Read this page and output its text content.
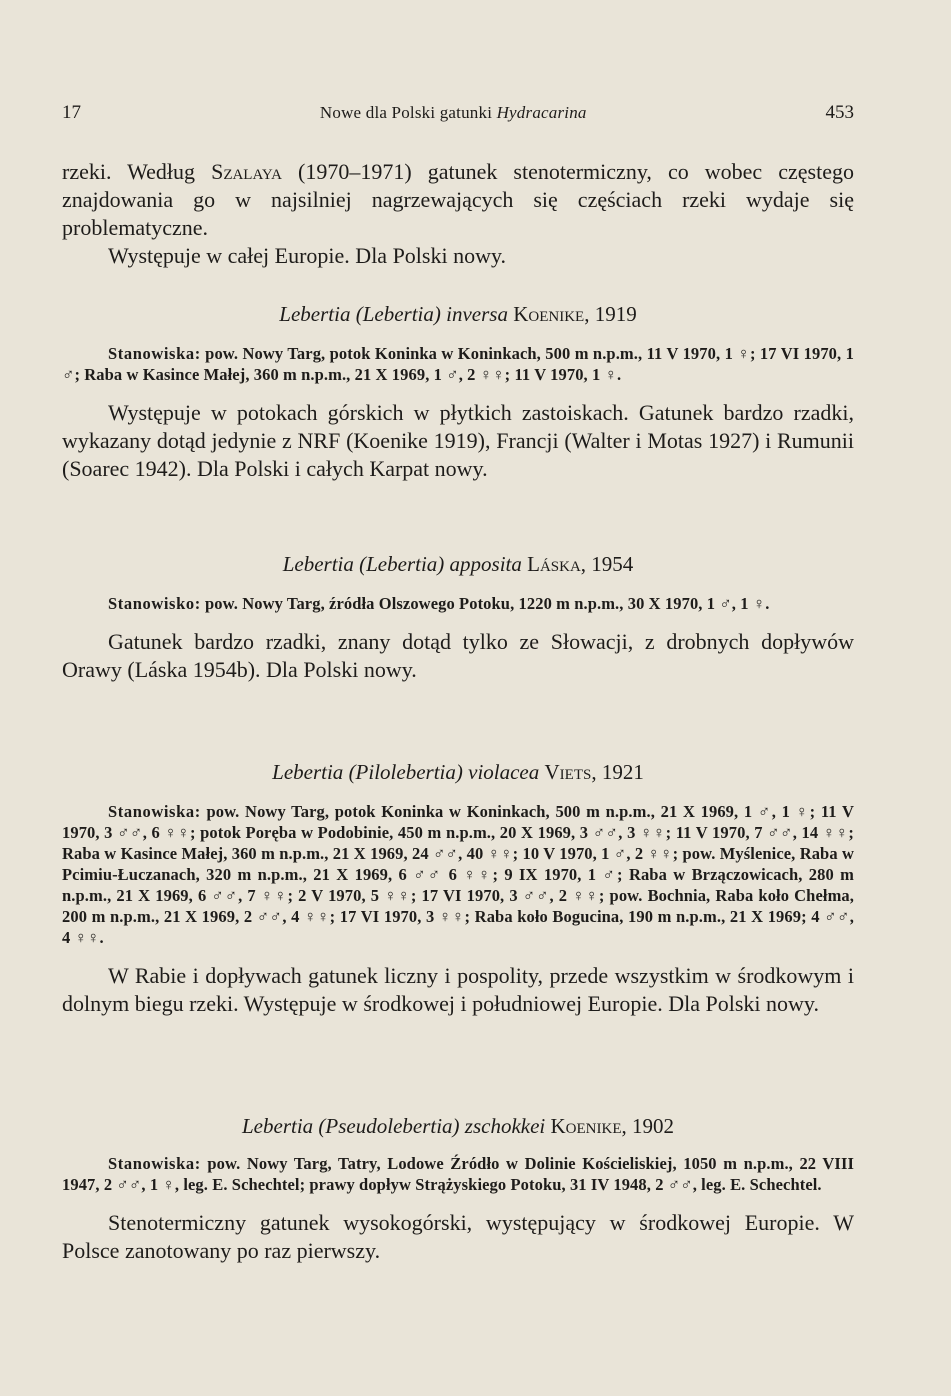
17	Nowe dla Polski gatunki Hydracarina	453

rzeki. Według Szalaya (1970–1971) gatunek stenotermiczny, co wobec częstego znajdowania go w najsilniej nagrzewających się częściach rzeki wydaje się problematyczne.

Występuje w całej Europie. Dla Polski nowy.

Lebertia (Lebertia) inversa Koenike, 1919

Stanowiska: pow. Nowy Targ, potok Koninka w Koninkach, 500 m n.p.m., 11 V 1970, 1 ♀; 17 VI 1970, 1 ♂; Raba w Kasince Małej, 360 m n.p.m., 21 X 1969, 1 ♂, 2 ♀♀; 11 V 1970, 1 ♀.

Występuje w potokach górskich w płytkich zastoiskach. Gatunek bardzo rzadki, wykazany dotąd jedynie z NRF (Koenike 1919), Francji (Walter i Motas 1927) i Rumunii (Soarec 1942). Dla Polski i całych Karpat nowy.

Lebertia (Lebertia) apposita Láska, 1954

Stanowisko: pow. Nowy Targ, źródła Olszowego Potoku, 1220 m n.p.m., 30 X 1970, 1 ♂, 1 ♀.

Gatunek bardzo rzadki, znany dotąd tylko ze Słowacji, z drobnych dopływów Orawy (Láska 1954b). Dla Polski nowy.

Lebertia (Pilolebertia) violacea Viets, 1921

Stanowiska: pow. Nowy Targ, potok Koninka w Koninkach, 500 m n.p.m., 21 X 1969, 1 ♂, 1 ♀; 11 V 1970, 3 ♂♂, 6 ♀♀; potok Poręba w Podobinie, 450 m n.p.m., 20 X 1969, 3 ♂♂, 3 ♀♀; 11 V 1970, 7 ♂♂, 14 ♀♀; Raba w Kasince Małej, 360 m n.p.m., 21 X 1969, 24 ♂♂, 40 ♀♀; 10 V 1970, 1 ♂, 2 ♀♀; pow. Myślenice, Raba w Pcimiu-Łuczanach, 320 m n.p.m., 21 X 1969, 6 ♂♂ 6 ♀♀; 9 IX 1970, 1 ♂; Raba w Brzączowicach, 280 m n.p.m., 21 X 1969, 6 ♂♂, 7 ♀♀; 2 V 1970, 5 ♀♀; 17 VI 1970, 3 ♂♂, 2 ♀♀; pow. Bochnia, Raba koło Chełma, 200 m n.p.m., 21 X 1969, 2 ♂♂, 4 ♀♀; 17 VI 1970, 3 ♀♀; Raba koło Bogucina, 190 m n.p.m., 21 X 1969; 4 ♂♂, 4 ♀♀.

W Rabie i dopływach gatunek liczny i pospolity, przede wszystkim w środkowym i dolnym biegu rzeki. Występuje w środkowej i południowej Europie. Dla Polski nowy.

Lebertia (Pseudolebertia) zschokkei Koenike, 1902

Stanowiska: pow. Nowy Targ, Tatry, Lodowe Źródło w Dolinie Kościeliskiej, 1050 m n.p.m., 22 VIII 1947, 2 ♂♂, 1 ♀, leg. E. Schechtel; prawy dopływ Strążyskiego Potoku, 31 IV 1948, 2 ♂♂, leg. E. Schechtel.

Stenotermiczny gatunek wysokogórski, występujący w środkowej Europie. W Polsce zanotowany po raz pierwszy.
